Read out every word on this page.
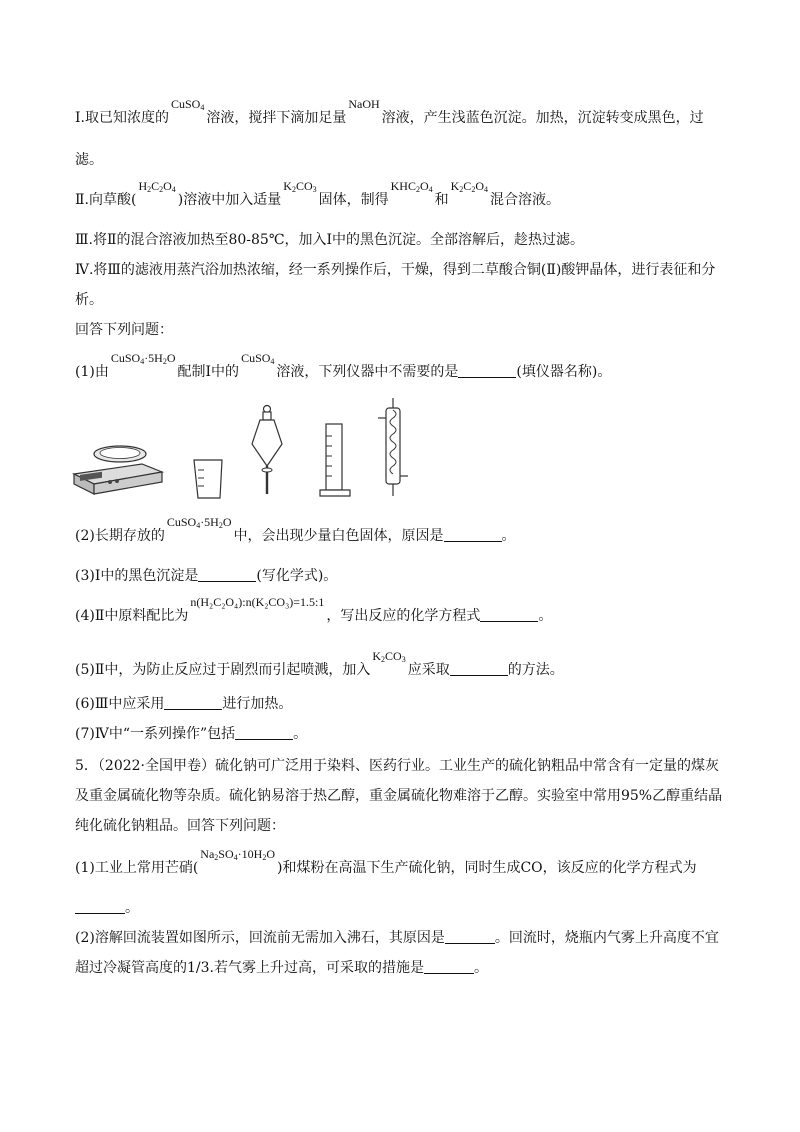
Ⅰ.取已知浓度的CuSO$_4$溶液，搅拌下滴加足量NaOH溶液，产生浅蓝色沉淀。加热，沉淀转变成黑色，过
滤。
Ⅱ.向草酸$(H_2C_2O_4)$溶液中加入适量$K_2CO_3$固体，制得$KHC_2O_4$和$K_2C_2O_4$混合溶液。
Ⅲ.将Ⅱ的混合溶液加热至80-85℃，加入Ⅰ中的黑色沉淀。全部溶解后，趁热过滤。
Ⅳ.将Ⅲ的滤液用蒸汽浴加热浓缩，经一系列操作后，干燥，得到二草酸合铜(Ⅱ)酸钾晶体，进行表征和分
析。
回答下列问题：
(1)由$CuSO_4\cdot 5H_2O$配制Ⅰ中的CuSO$_4$溶液，下列仪器中不需要的是	(填仪器名称)。
(2)长期存放的$CuSO_4\cdot 5H_2O$中，会出现少量白色固体，原因是	。
(3)Ⅰ中的黑色沉淀是	(写化学式)。
(4)Ⅱ中原料配比为n(H₂C₂O₄):n(K₂CO₃)=1.5:1，写出反应的化学方程式	。
(5)Ⅱ中，为防止反应过于剧烈而引起喷溅，加入$K_2CO_3$应采取	的方法。
(6)Ⅲ中应采用	进行加热。
(7)Ⅳ中“一系列操作”包括	。
5．（2022·全国甲卷）硫化钠可广泛用于染料、医药行业。工业生产的硫化钠粗品中常含有一定量的煤灰
及重金属硫化物等杂质。硫化钠易溶于热乙醇，重金属硫化物难溶于乙醇。实验室中常用95%乙醇重结晶
纯化硫化钠粗品。回答下列问题：
(1)工业上常用芒硝$(Na_2SO_4\cdot 10H_2O)$和煤粉在高温下生产硫化钠，同时生成CO，该反应的化学方程式为
。
(2)溶解回流装置如图所示，回流前无需加入沸石，其原因是	。回流时，烧瓶内气雾上升高度不宜
超过冷凝管高度的1/3.若气雾上升过高，可采取的措施是	。
